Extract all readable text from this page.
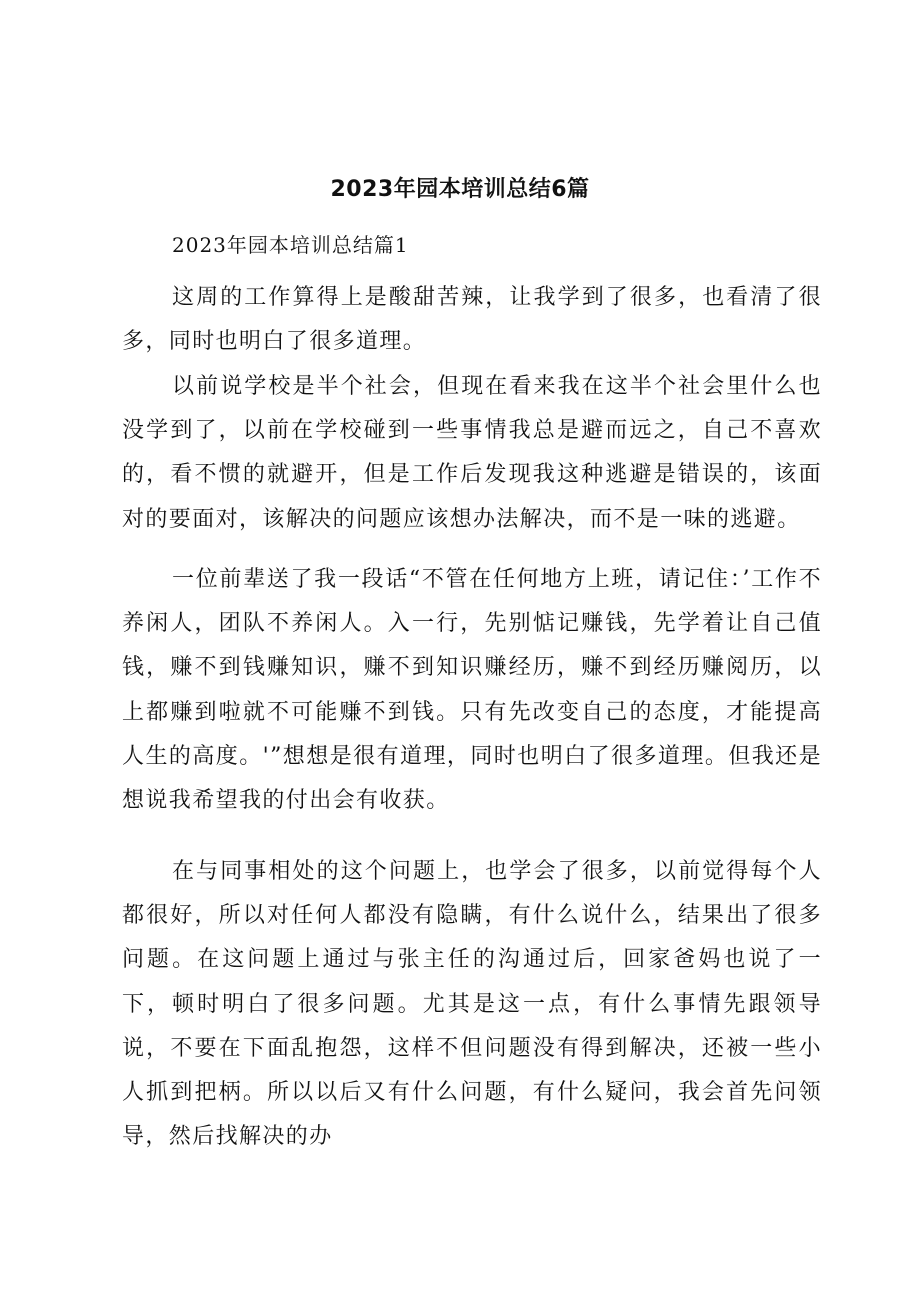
2023年园本培训总结6篇
2023年园本培训总结篇1

这周的工作算得上是酸甜苦辣，让我学到了很多，也看清了很多，同时也明白了很多道理。

以前说学校是半个社会，但现在看来我在这半个社会里什么也没学到了，以前在学校碰到一些事情我总是避而远之，自己不喜欢的，看不惯的就避开，但是工作后发现我这种逃避是错误的，该面对的要面对，该解决的问题应该想办法解决，而不是一味的逃避。

一位前辈送了我一段话“不管在任何地方上班，请记住：’工作不养闲人，团队不养闲人。入一行，先别惦记赚钱，先学着让自己值钱，赚不到钱赚知识，赚不到知识赚经历，赚不到经历赚阅历，以上都赚到啦就不可能赚不到钱。只有先改变自己的态度，才能提高人生的高度。'”想想是很有道理，同时也明白了很多道理。但我还是想说我希望我的付出会有收获。

在与同事相处的这个问题上，也学会了很多，以前觉得每个人都很好，所以对任何人都没有隐瞒，有什么说什么，结果出了很多问题。在这问题上通过与张主任的沟通过后，回家爸妈也说了一下，顿时明白了很多问题。尤其是这一点，有什么事情先跟领导说，不要在下面乱抱怨，这样不但问题没有得到解决，还被一些小人抓到把柄。所以以后又有什么问题，有什么疑问，我会首先问领导，然后找解决的办
